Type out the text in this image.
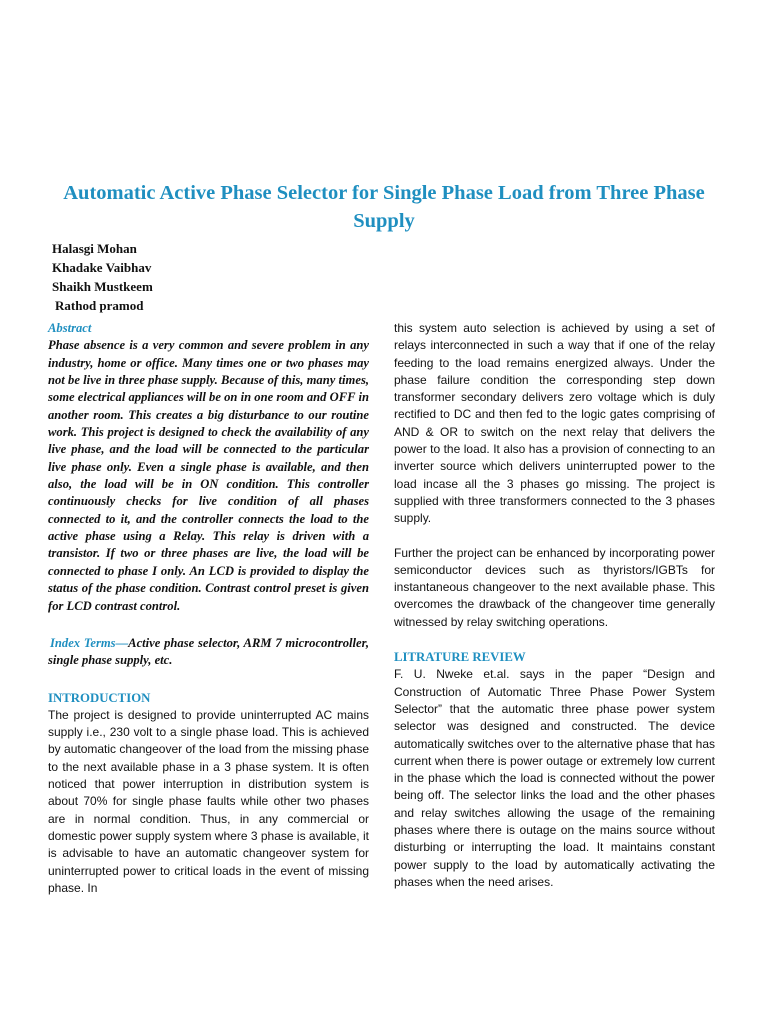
Automatic Active Phase Selector for Single Phase Load from Three Phase Supply
Halasgi Mohan
Khadake Vaibhav
Shaikh Mustkeem
Rathod pramod

Abstract

Phase absence is a very common and severe problem in any industry, home or office. Many times one or two phases may not be live in three phase supply. Because of this, many times, some electrical appliances will be on in one room and OFF in another room. This creates a big disturbance to our routine work. This project is designed to check the availability of any live phase, and the load will be connected to the particular live phase only. Even a single phase is available, and then also, the load will be in ON condition. This controller continuously checks for live condition of all phases connected to it, and the controller connects the load to the active phase using a Relay. This relay is driven with a transistor. If two or three phases are live, the load will be connected to phase I only. An LCD is provided to display the status of the phase condition. Contrast control preset is given for LCD contrast control.

Index Terms—Active phase selector, ARM 7 microcontroller, single phase supply, etc.

INTRODUCTION

The project is designed to provide uninterrupted AC mains supply i.e., 230 volt to a single phase load. This is achieved by automatic changeover of the load from the missing phase to the next available phase in a 3 phase system. It is often noticed that power interruption in distribution system is about 70% for single phase faults while other two phases are in normal condition. Thus, in any commercial or domestic power supply system where 3 phase is available, it is advisable to have an automatic changeover system for uninterrupted power to critical loads in the event of missing phase. In

this system auto selection is achieved by using a set of relays interconnected in such a way that if one of the relay feeding to the load remains energized always. Under the phase failure condition the corresponding step down transformer secondary delivers zero voltage which is duly rectified to DC and then fed to the logic gates comprising of AND & OR to switch on the next relay that delivers the power to the load. It also has a provision of connecting to an inverter source which delivers uninterrupted power to the load incase all the 3 phases go missing. The project is supplied with three transformers connected to the 3 phases supply.

Further the project can be enhanced by incorporating power semiconductor devices such as thyristors/IGBTs for instantaneous changeover to the next available phase. This overcomes the drawback of the changeover time generally witnessed by relay switching operations.

LITRATURE REVIEW

F. U. Nweke et.al. says in the paper “Design and Construction of Automatic Three Phase Power System Selector” that the automatic three phase power system selector was designed and constructed. The device automatically switches over to the alternative phase that has current when there is power outage or extremely low current in the phase which the load is connected without the power being off. The selector links the load and the other phases and relay switches allowing the usage of the remaining phases where there is outage on the mains source without disturbing or interrupting the load. It maintains constant power supply to the load by automatically activating the phases when the need arises.
